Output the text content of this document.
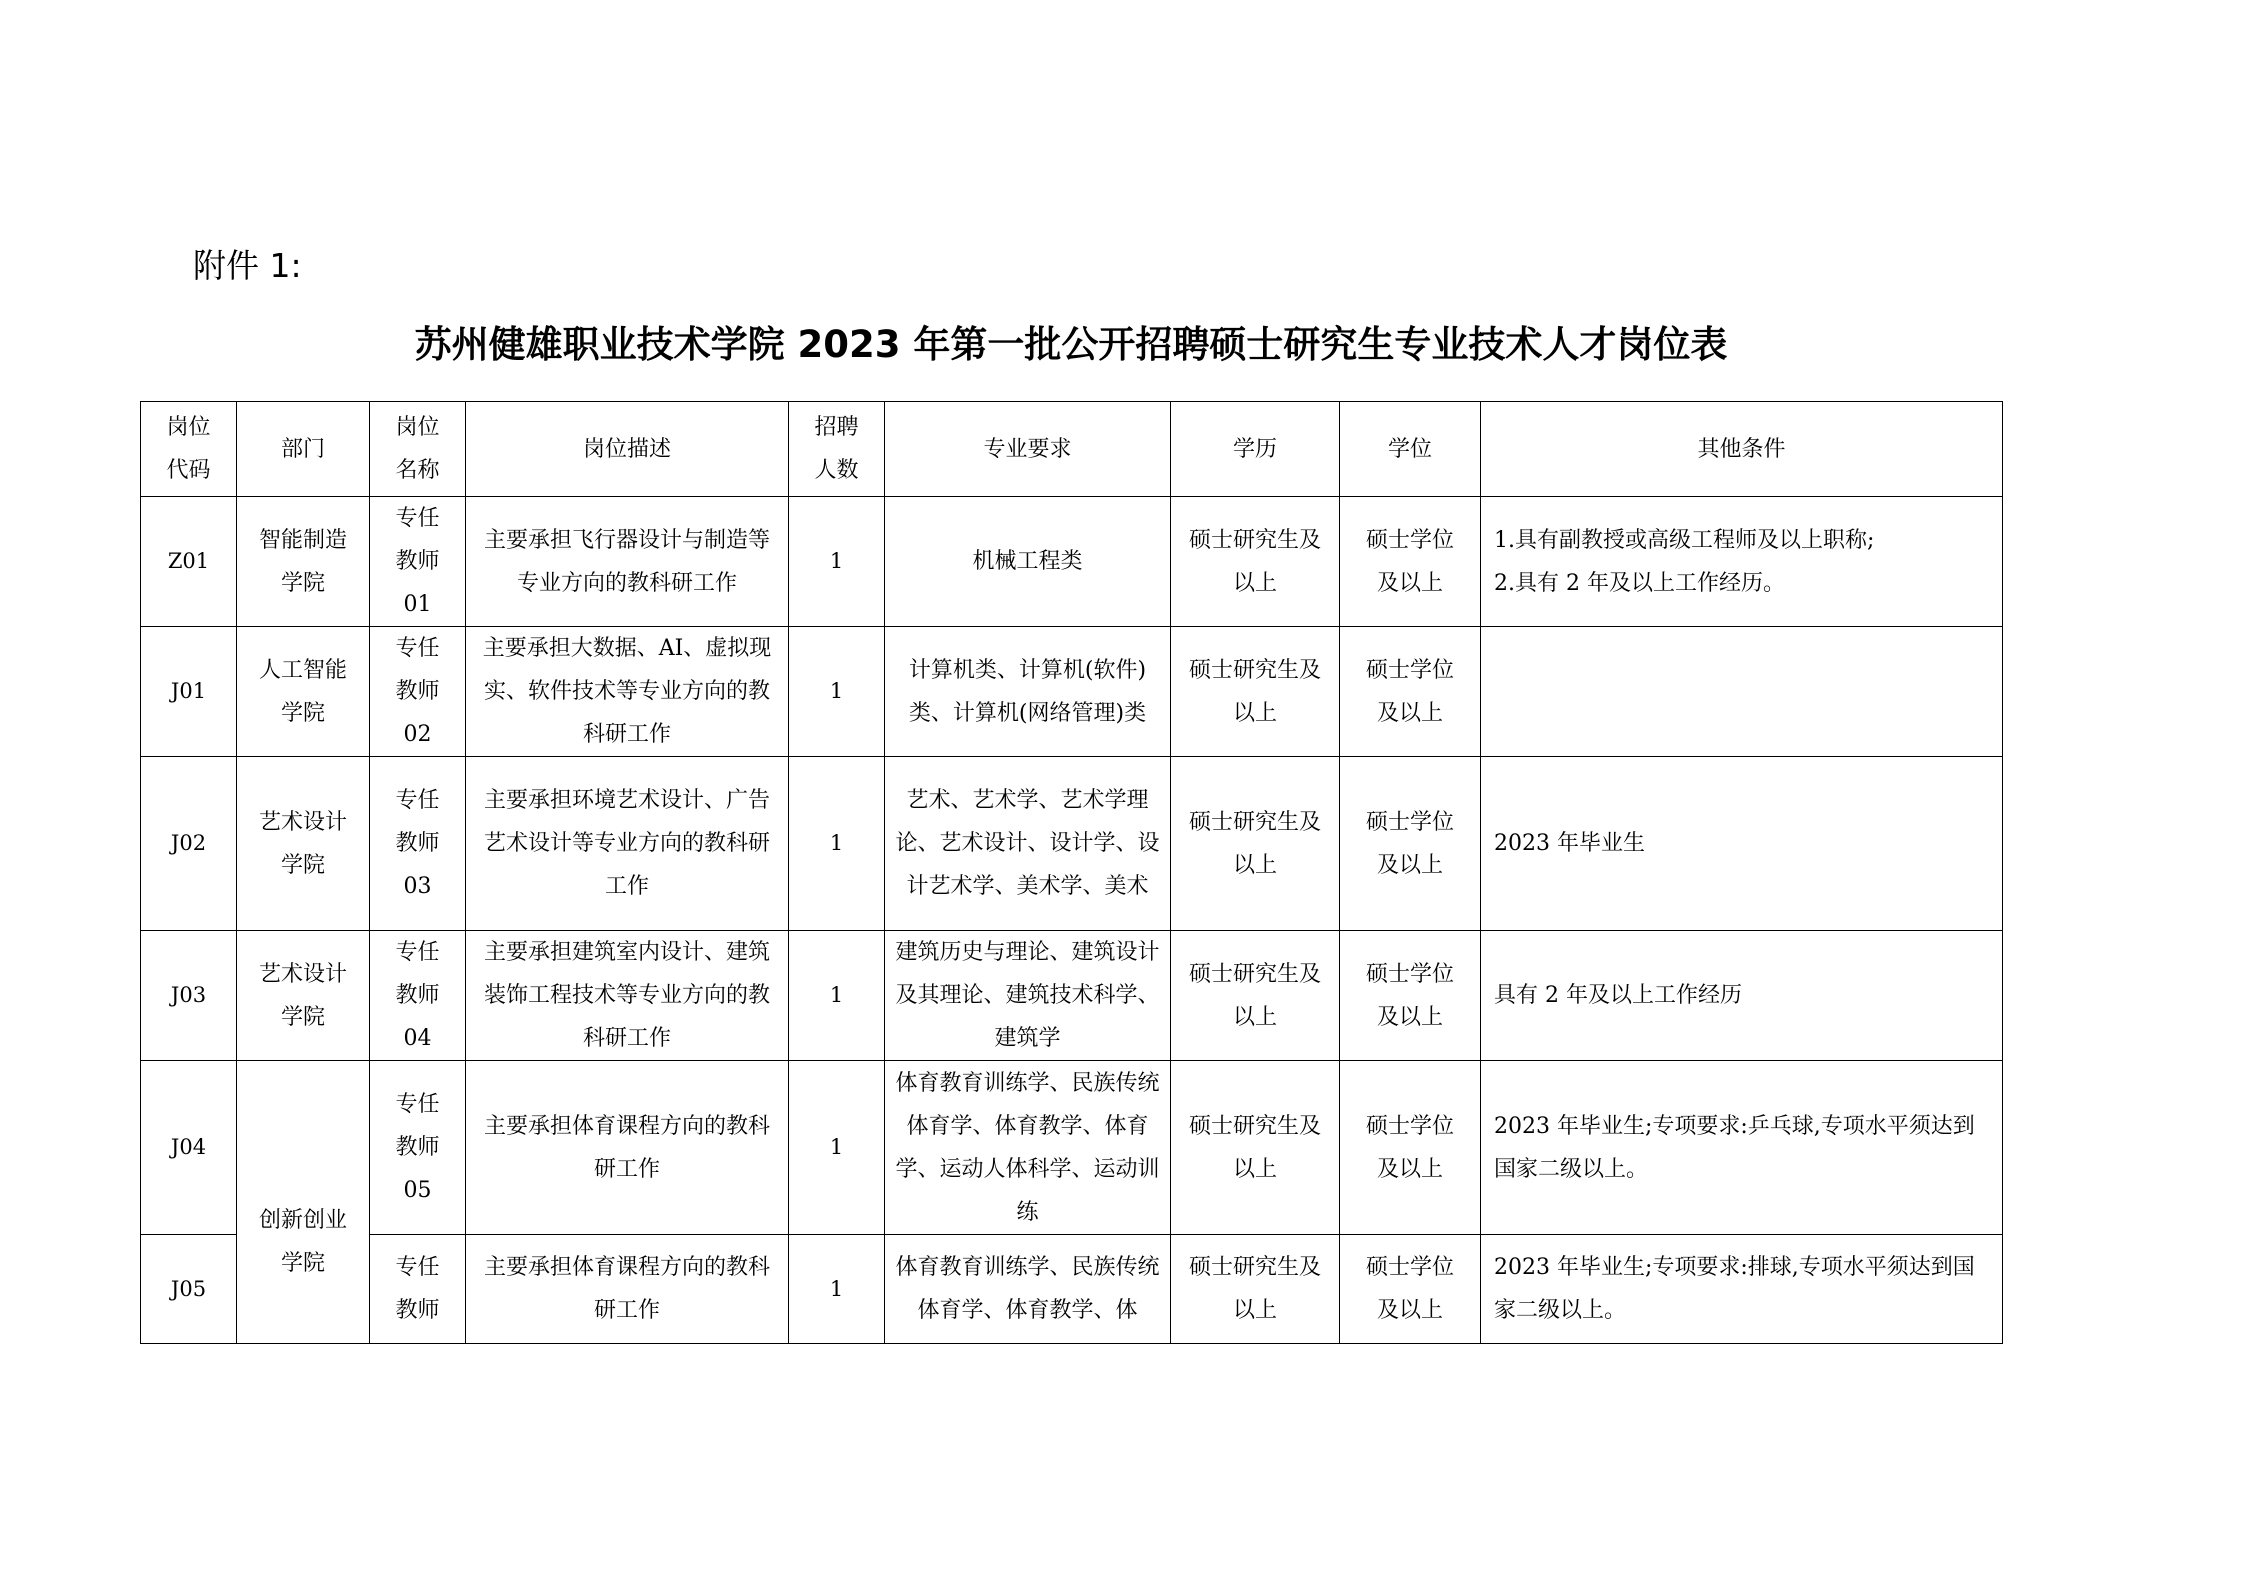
附件 1:
苏州健雄职业技术学院 2023 年第一批公开招聘硕士研究生专业技术人才岗位表
岗位代码	部门	岗位名称	岗位描述	招聘人数	专业要求	学历	学位	其他条件

Z01	智能制造学院	专任教师01	主要承担飞行器设计与制造等专业方向的教科研工作	1	机械工程类	硕士研究生及以上	硕士学位及以上	1.具有副教授或高级工程师及以上职称;
2.具有 2 年及以上工作经历。

J01	人工智能学院	专任教师02	主要承担大数据、AI、虚拟现实、软件技术等专业方向的教科研工作	1	计算机类、计算机(软件)类、计算机(网络管理)类	硕士研究生及以上	硕士学位及以上	

J02	艺术设计学院	专任教师03	主要承担环境艺术设计、广告艺术设计等专业方向的教科研工作	1	艺术、艺术学、艺术学理论、艺术设计、设计学、设计艺术学、美术学、美术	硕士研究生及以上	硕士学位及以上	2023 年毕业生

J03	艺术设计学院	专任教师04	主要承担建筑室内设计、建筑装饰工程技术等专业方向的教科研工作	1	建筑历史与理论、建筑设计及其理论、建筑技术科学、建筑学	硕士研究生及以上	硕士学位及以上	具有 2 年及以上工作经历

J04	创新创业学院	专任教师05	主要承担体育课程方向的教科研工作	1	体育教育训练学、民族传统体育学、体育教学、体育学、运动人体科学、运动训练	硕士研究生及以上	硕士学位及以上	2023 年毕业生;专项要求:乒乓球,专项水平须达到国家二级以上。

J05		专任教师	主要承担体育课程方向的教科研工作	1	体育教育训练学、民族传统体育学、体育教学、体	硕士研究生及以上	硕士学位及以上	2023 年毕业生;专项要求:排球,专项水平须达到国家二级以上。
